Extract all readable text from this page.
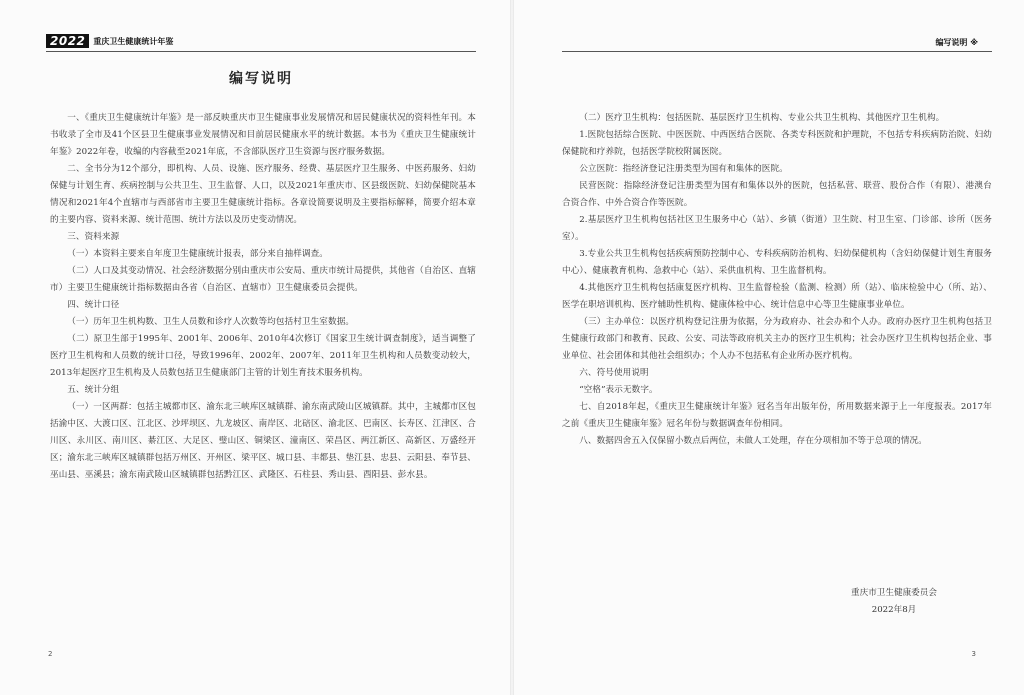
2022	重庆卫生健康统计年鉴
编写说明

一、《重庆卫生健康统计年鉴》是一部反映重庆市卫生健康事业发展情况和居民健康状况的资料性年刊。本书收录了全市及41个区县卫生健康事业发展情况和目前居民健康水平的统计数据。本书为《重庆卫生健康统计年鉴》2022年卷，收编的内容截至2021年底，不含部队医疗卫生资源与医疗服务数据。

二、全书分为12个部分，即机构、人员、设施、医疗服务、经费、基层医疗卫生服务、中医药服务、妇幼保健与计划生育、疾病控制与公共卫生、卫生监督、人口，以及2021年重庆市、区县级医院、妇幼保健院基本情况和2021年4个直辖市与西部省市主要卫生健康统计指标。各章设简要说明及主要指标解释，简要介绍本章的主要内容、资料来源、统计范围、统计方法以及历史变动情况。

三、资料来源

（一）本资料主要来自年度卫生健康统计报表，部分来自抽样调查。

（二）人口及其变动情况、社会经济数据分别由重庆市公安局、重庆市统计局提供，其他省（自治区、直辖市）主要卫生健康统计指标数据由各省（自治区、直辖市）卫生健康委员会提供。

四、统计口径

（一）历年卫生机构数、卫生人员数和诊疗人次数等均包括村卫生室数据。

（二）原卫生部于1995年、2001年、2006年、2010年4次修订《国家卫生统计调查制度》，适当调整了医疗卫生机构和人员数的统计口径，导致1996年、2002年、2007年、2011年卫生机构和人员数变动较大，2013年起医疗卫生机构及人员数包括卫生健康部门主管的计划生育技术服务机构。

五、统计分组

（一）一区两群：包括主城都市区、渝东北三峡库区城镇群、渝东南武陵山区城镇群。其中，主城都市区包括渝中区、大渡口区、江北区、沙坪坝区、九龙坡区、南岸区、北碚区、渝北区、巴南区、长寿区、江津区、合川区、永川区、南川区、綦江区、大足区、璧山区、铜梁区、潼南区、荣昌区、两江新区、高新区、万盛经开区；渝东北三峡库区城镇群包括万州区、开州区、梁平区、城口县、丰都县、垫江县、忠县、云阳县、奉节县、巫山县、巫溪县；渝东南武陵山区城镇群包括黔江区、武隆区、石柱县、秀山县、酉阳县、彭水县。

2
编写说明 ※

（二）医疗卫生机构：包括医院、基层医疗卫生机构、专业公共卫生机构、其他医疗卫生机构。

1.医院包括综合医院、中医医院、中西医结合医院、各类专科医院和护理院，不包括专科疾病防治院、妇幼保健院和疗养院，包括医学院校附属医院。

公立医院：指经济登记注册类型为国有和集体的医院。

民营医院：指除经济登记注册类型为国有和集体以外的医院，包括私营、联营、股份合作（有限）、港澳台合资合作、中外合资合作等医院。

2.基层医疗卫生机构包括社区卫生服务中心（站）、乡镇（街道）卫生院、村卫生室、门诊部、诊所（医务室）。

3.专业公共卫生机构包括疾病预防控制中心、专科疾病防治机构、妇幼保健机构（含妇幼保健计划生育服务中心）、健康教育机构、急救中心（站）、采供血机构、卫生监督机构。

4.其他医疗卫生机构包括康复医疗机构、卫生监督检验（监测、检测）所（站）、临床检验中心（所、站）、医学在职培训机构、医疗辅助性机构、健康体检中心、统计信息中心等卫生健康事业单位。

（三）主办单位：以医疗机构登记注册为依据，分为政府办、社会办和个人办。政府办医疗卫生机构包括卫生健康行政部门和教育、民政、公安、司法等政府机关主办的医疗卫生机构；社会办医疗卫生机构包括企业、事业单位、社会团体和其他社会组织办；个人办不包括私有企业所办医疗机构。

六、符号使用说明

“空格”表示无数字。

七、自2018年起，《重庆卫生健康统计年鉴》冠名当年出版年份，所用数据来源于上一年度报表。2017年之前《重庆卫生健康年鉴》冠名年份与数据调查年份相同。

八、数据四舍五入仅保留小数点后两位，未做人工处理，存在分项相加不等于总项的情况。

重庆市卫生健康委员会

2022年8月

3
